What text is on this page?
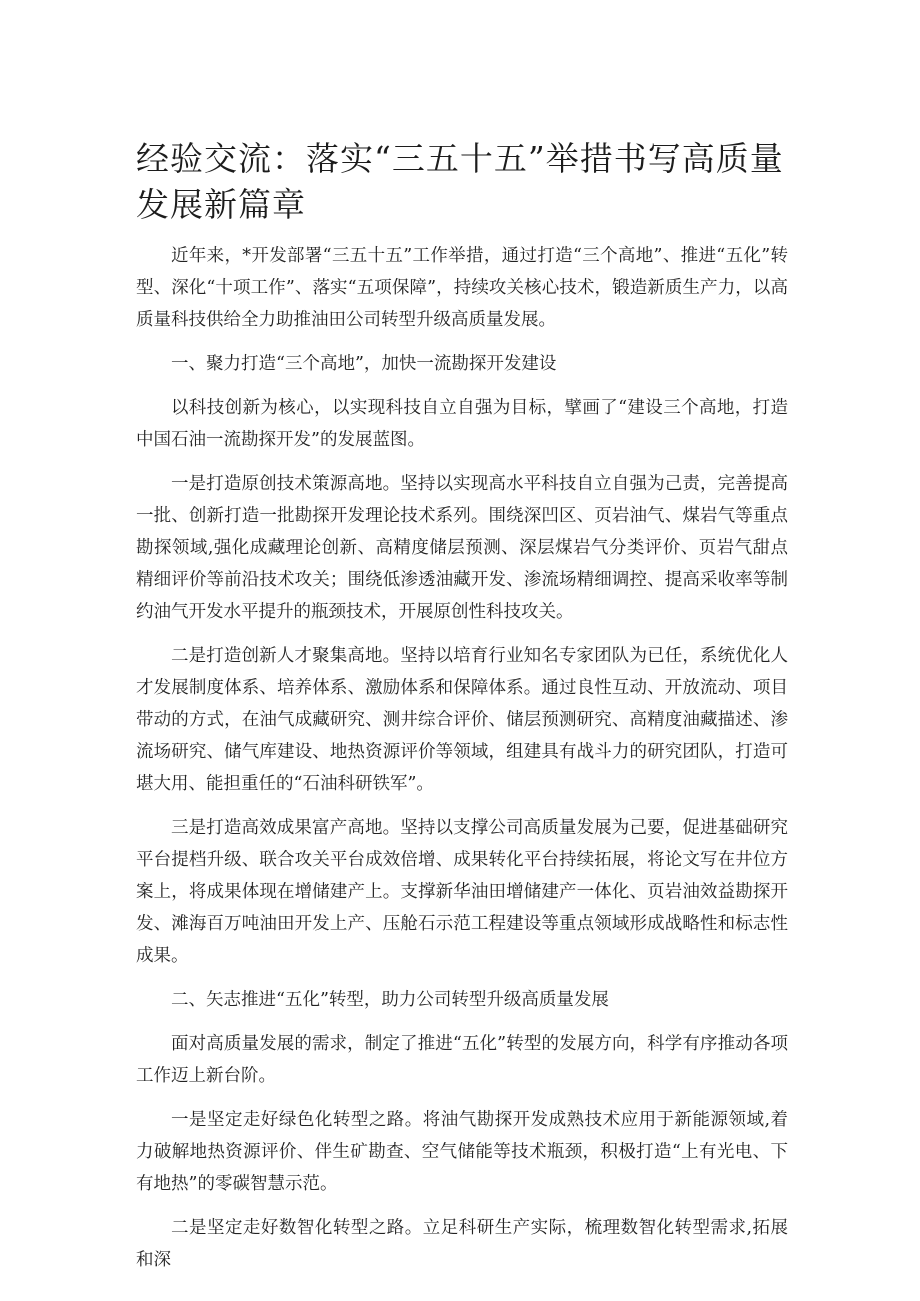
经验交流：落实“三五十五”举措书写高质量发展新篇章

近年来，*开发部署“三五十五”工作举措，通过打造“三个高地”、推进“五化”转型、深化“十项工作”、落实“五项保障”，持续攻关核心技术，锻造新质生产力，以高质量科技供给全力助推油田公司转型升级高质量发展。

一、聚力打造“三个高地”，加快一流勘探开发建设

以科技创新为核心，以实现科技自立自强为目标，擘画了“建设三个高地，打造中国石油一流勘探开发”的发展蓝图。

一是打造原创技术策源高地。坚持以实现高水平科技自立自强为己责，完善提高一批、创新打造一批勘探开发理论技术系列。围绕深凹区、页岩油气、煤岩气等重点勘探领域,强化成藏理论创新、高精度储层预测、深层煤岩气分类评价、页岩气甜点精细评价等前沿技术攻关；围绕低渗透油藏开发、渗流场精细调控、提高采收率等制约油气开发水平提升的瓶颈技术，开展原创性科技攻关。

二是打造创新人才聚集高地。坚持以培育行业知名专家团队为已任，系统优化人才发展制度体系、培养体系、激励体系和保障体系。通过良性互动、开放流动、项目带动的方式，在油气成藏研究、测井综合评价、储层预测研究、高精度油藏描述、渗流场研究、储气库建设、地热资源评价等领域，组建具有战斗力的研究团队，打造可堪大用、能担重任的“石油科研铁军”。

三是打造高效成果富产高地。坚持以支撑公司高质量发展为己要，促进基础研究平台提档升级、联合攻关平台成效倍增、成果转化平台持续拓展，将论文写在井位方案上，将成果体现在增储建产上。支撑新华油田增储建产一体化、页岩油效益勘探开发、滩海百万吨油田开发上产、压舱石示范工程建设等重点领域形成战略性和标志性成果。

二、矢志推进“五化”转型，助力公司转型升级高质量发展

面对高质量发展的需求，制定了推进“五化”转型的发展方向，科学有序推动各项工作迈上新台阶。

一是坚定走好绿色化转型之路。将油气勘探开发成熟技术应用于新能源领域,着力破解地热资源评价、伴生矿勘查、空气储能等技术瓶颈，积极打造“上有光电、下有地热”的零碳智慧示范。

二是坚定走好数智化转型之路。立足科研生产实际，梳理数智化转型需求,拓展和深
